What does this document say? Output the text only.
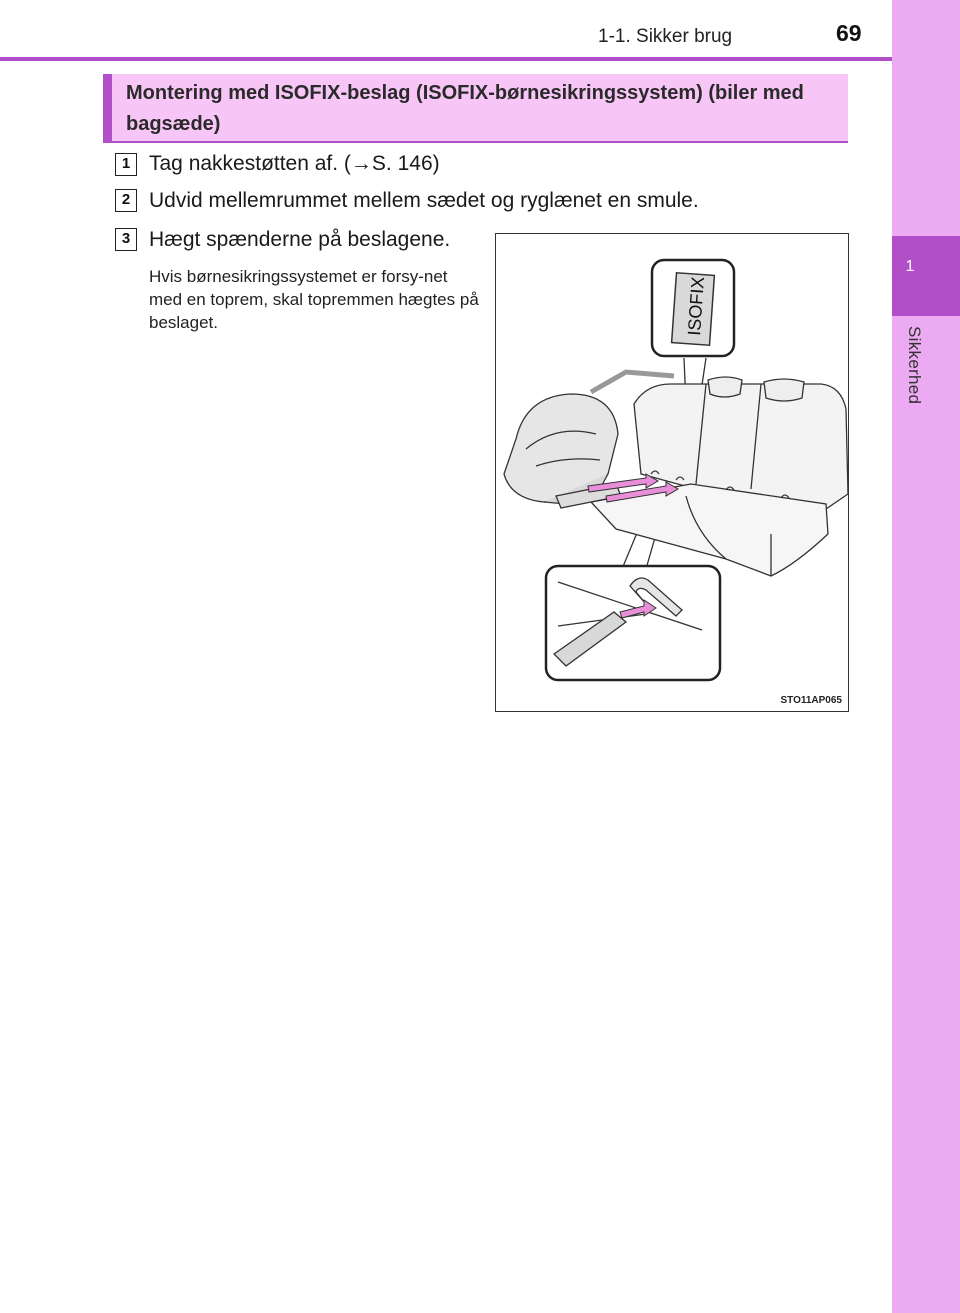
1
Sikkerhed
1-1. Sikker brug	69
Montering med ISOFIX-beslag (ISOFIX-børnesikringssystem) (biler med bagsæde)
1 Tag nakkestøtten af. (→S. 146)
2 Udvid mellemrummet mellem sædet og ryglænet en smule.
3 Hægt spænderne på beslagene.
Hvis børnesikringssystemet er forsy-net med en toprem, skal topremmen hægtes på beslaget.	ISOFIX
STO11AP065
